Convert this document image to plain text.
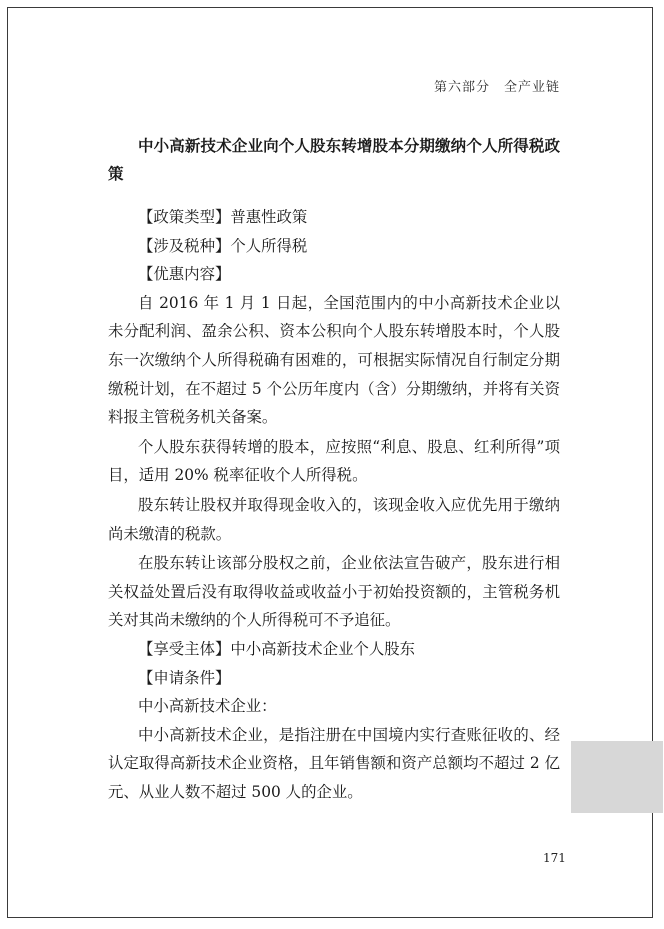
第六部分　全产业链
中小高新技术企业向个人股东转增股本分期缴纳个人所得税政策

【政策类型】普惠性政策

【涉及税种】个人所得税

【优惠内容】

自 2016 年 1 月 1 日起，全国范围内的中小高新技术企业以未分配利润、盈余公积、资本公积向个人股东转增股本时，个人股东一次缴纳个人所得税确有困难的，可根据实际情况自行制定分期缴税计划，在不超过 5 个公历年度内（含）分期缴纳，并将有关资料报主管税务机关备案。

个人股东获得转增的股本，应按照“利息、股息、红利所得”项目，适用 20% 税率征收个人所得税。

股东转让股权并取得现金收入的，该现金收入应优先用于缴纳尚未缴清的税款。

在股东转让该部分股权之前，企业依法宣告破产，股东进行相关权益处置后没有取得收益或收益小于初始投资额的，主管税务机关对其尚未缴纳的个人所得税可不予追征。

【享受主体】中小高新技术企业个人股东

【申请条件】

中小高新技术企业：

中小高新技术企业，是指注册在中国境内实行查账征收的、经认定取得高新技术企业资格，且年销售额和资产总额均不超过 2 亿元、从业人数不超过 500 人的企业。

171
